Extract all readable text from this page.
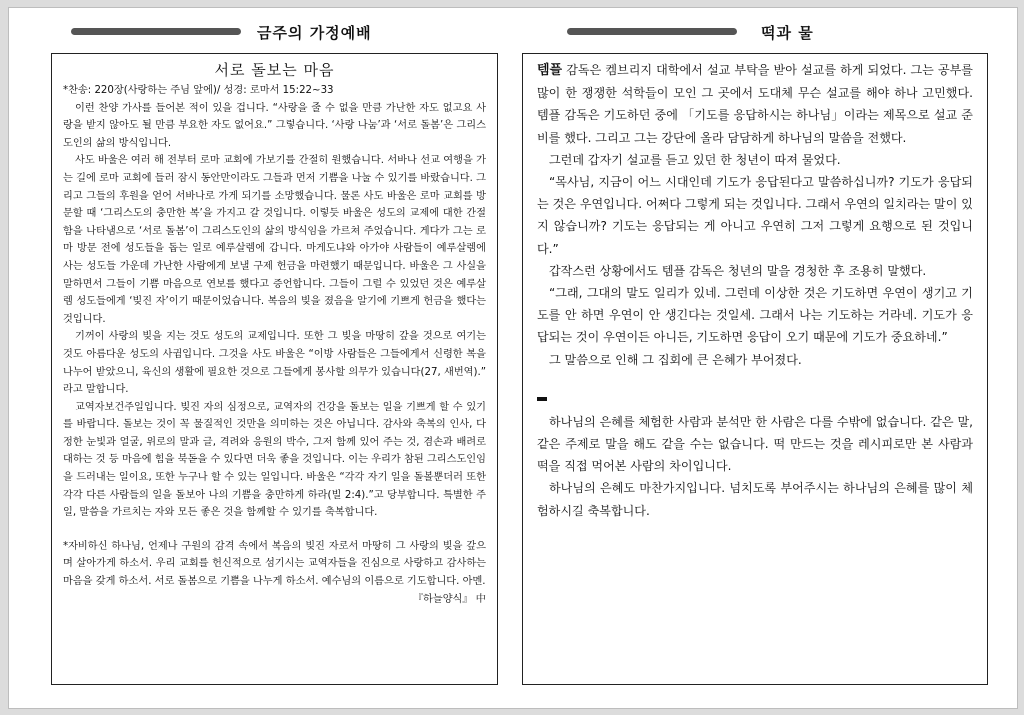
금주의 가정예배	떡과 물
서로 돌보는 마음

*찬송: 220장(사랑하는 주님 앞에)/ 성경: 로마서 15:22~33

이런 찬양 가사를 들어본 적이 있을 겁니다. “사랑을 줄 수 없을 만큼 가난한 자도 없고요 사랑을 받지 않아도 될 만큼 부요한 자도 없어요.” 그렇습니다. ‘사랑 나눔’과 ‘서로 돌봄’은 그리스도인의 삶의 방식입니다.

사도 바울은 여러 해 전부터 로마 교회에 가보기를 간절히 원했습니다. 서바나 선교 여행을 가는 길에 로마 교회에 들러 잠시 동안만이라도 그들과 먼저 기쁨을 나눌 수 있기를 바랐습니다. 그리고 그들의 후원을 얻어 서바나로 가게 되기를 소망했습니다. 물론 사도 바울은 로마 교회를 방문할 때 ‘그리스도의 충만한 복’을 가지고 갈 것입니다. 이렇듯 바울은 성도의 교제에 대한 간절함을 나타냄으로 ‘서로 돌봄’이 그리스도인의 삶의 방식임을 가르쳐 주었습니다. 게다가 그는 로마 방문 전에 성도들을 돕는 일로 예루살렘에 갑니다. 마게도냐와 아가야 사람들이 예루살렘에 사는 성도들 가운데 가난한 사람에게 보낼 구제 헌금을 마련했기 때문입니다. 바울은 그 사실을 말하면서 그들이 기쁨 마음으로 연보를 했다고 증언합니다. 그들이 그럴 수 있었던 것은 예루살렘 성도들에게 ‘빚진 자’이기 때문이었습니다. 복음의 빚을 졌음을 알기에 기쁘게 헌금을 했다는 것입니다.

기꺼이 사랑의 빚을 지는 것도 성도의 교제입니다. 또한 그 빚을 마땅히 갚을 것으로 여기는 것도 아름다운 성도의 사귐입니다. 그것을 사도 바울은 “이방 사람들은 그들에게서 신령한 복을 나누어 받았으니, 육신의 생활에 필요한 것으로 그들에게 봉사할 의무가 있습니다(27, 새번역).” 라고 말합니다.

교역자보건주일입니다. 빚진 자의 심정으로, 교역자의 건강을 돌보는 일을 기쁘게 할 수 있기를 바랍니다. 돌보는 것이 꼭 물질적인 것만을 의미하는 것은 아닙니다. 감사와 축복의 인사, 다정한 눈빛과 얼굴, 위로의 말과 글, 격려와 응원의 박수, 그저 함께 있어 주는 것, 겸손과 배려로 대하는 것 등 마음에 힘을 북돋을 수 있다면 더욱 좋을 것입니다. 이는 우리가 참된 그리스도인임을 드러내는 일이요, 또한 누구나 할 수 있는 일입니다. 바울은 “각각 자기 일을 돌볼뿐더러 또한 각각 다른 사람들의 일을 돌보아 나의 기쁨을 충만하게 하라(빌 2:4).”고 당부합니다. 특별한 주일, 말씀을 가르치는 자와 모든 좋은 것을 함께할 수 있기를 축복합니다.

*자비하신 하나님, 언제나 구원의 감격 속에서 복음의 빚진 자로서 마땅히 그 사랑의 빚을 갚으며 살아가게 하소서. 우리 교회를 헌신적으로 섬기시는 교역자들을 진심으로 사랑하고 감사하는 마음을 갖게 하소서. 서로 돌봄으로 기쁨을 나누게 하소서. 예수님의 이름으로 기도합니다. 아멘.
『하늘양식』 中

템플 감독은 켐브리지 대학에서 설교 부탁을 받아 설교를 하게 되었다. 그는 공부를 많이 한 쟁쟁한 석학들이 모인 그 곳에서 도대체 무슨 설교를 해야 하나 고민했다. 템플 감독은 기도하던 중에 「기도를 응답하시는 하나님」이라는 제목으로 설교 준비를 했다. 그리고 그는 강단에 올라 담담하게 하나님의 말씀을 전했다.

그런데 갑자기 설교를 듣고 있던 한 청년이 따져 물었다.

“목사님, 지금이 어느 시대인데 기도가 응답된다고 말씀하십니까? 기도가 응답되는 것은 우연입니다. 어쩌다 그렇게 되는 것입니다. 그래서 우연의 일치라는 말이 있지 않습니까? 기도는 응답되는 게 아니고 우연히 그저 그렇게 요행으로 된 것입니다.”

갑작스런 상황에서도 템플 감독은 청년의 말을 경청한 후 조용히 말했다.

“그래, 그대의 말도 일리가 있네. 그런데 이상한 것은 기도하면 우연이 생기고 기도를 안 하면 우연이 안 생긴다는 것일세. 그래서 나는 기도하는 거라네. 기도가 응답되는 것이 우연이든 아니든, 기도하면 응답이 오기 때문에 기도가 중요하네.”

그 말씀으로 인해 그 집회에 큰 은혜가 부어졌다.

하나님의 은혜를 체험한 사람과 분석만 한 사람은 다를 수밖에 없습니다. 같은 말, 같은 주제로 말을 해도 같을 수는 없습니다. 떡 만드는 것을 레시피로만 본 사람과 떡을 직접 먹어본 사람의 차이입니다.

하나님의 은혜도 마찬가지입니다. 넘치도록 부어주시는 하나님의 은혜를 많이 체험하시길 축복합니다.
